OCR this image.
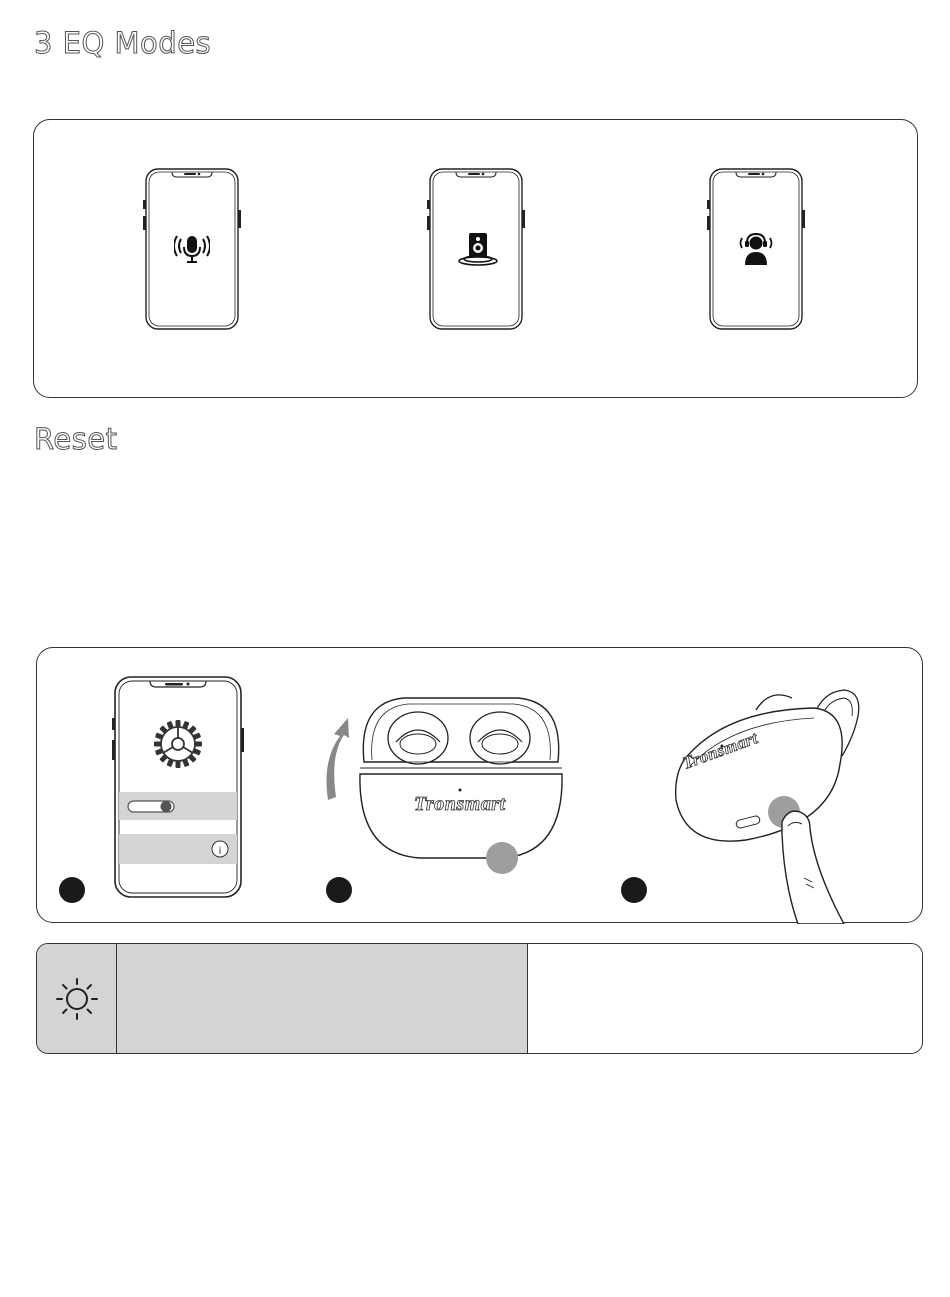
3 EQ Modes
Reset
i
Tronsmart
Tronsmart
